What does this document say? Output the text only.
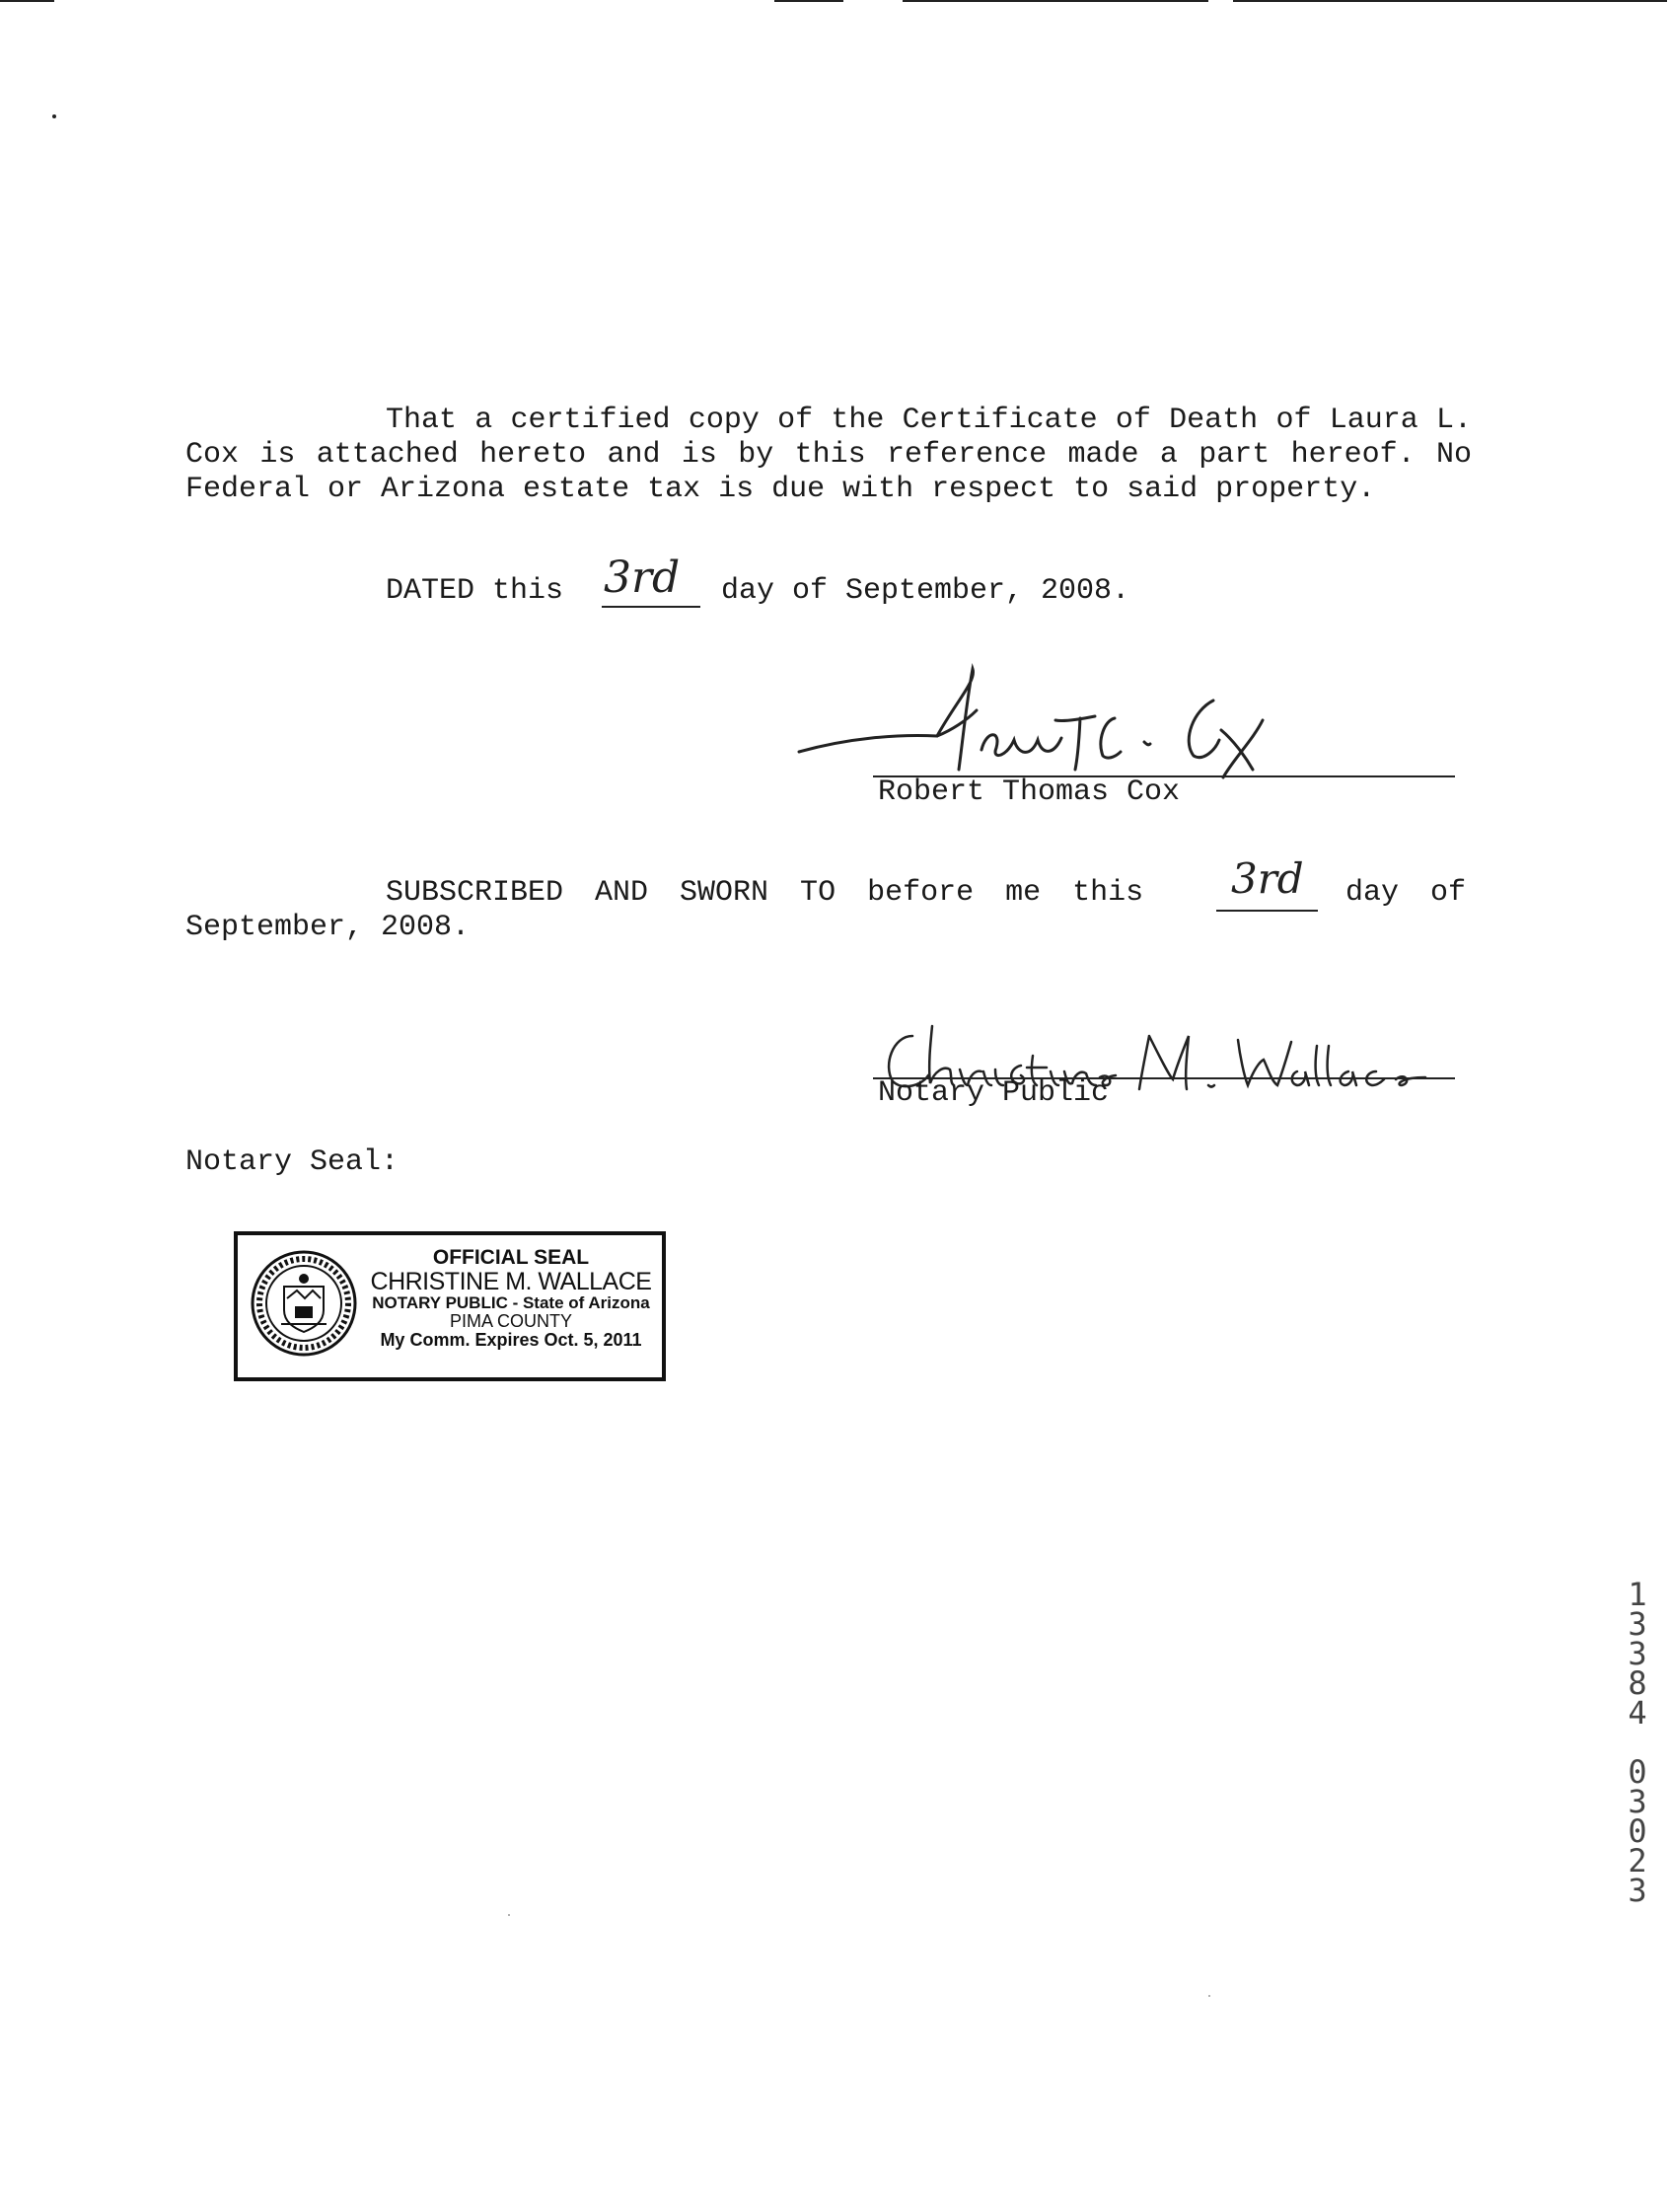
That a certified copy of the Certificate of Death of Laura L. Cox is attached hereto and is by this reference made a part hereof. No Federal or Arizona estate tax is due with respect to said property.
DATED this 3rd day of September, 2008.
Robert Thomas Cox
SUBSCRIBED AND SWORN TO before me this 3rd day of
September, 2008.
Notary Public
Notary Seal:
OFFICIAL SEAL
CHRISTINE M. WALLACE
NOTARY PUBLIC - State of Arizona
PIMA COUNTY
My Comm. Expires Oct. 5, 2011
1
3
3
8
4

0
3
0
2
3
